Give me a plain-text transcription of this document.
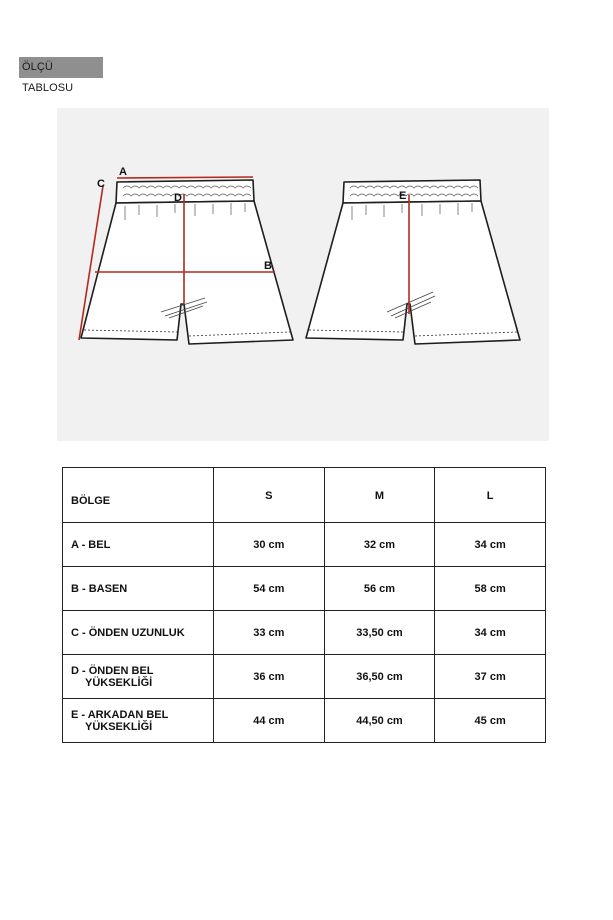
ÖLÇÜ TABLOSU
A
C
D
B
E
BÖLGE	S	M	L
A - BEL	30 cm	32 cm	34 cm
B - BASEN	54 cm	56 cm	58 cm
C - ÖNDEN UZUNLUK	33 cm	33,50 cm	34 cm
D - ÖNDEN BEL
YÜKSEKLİĞİ	36 cm	36,50 cm	37 cm
E - ARKADAN BEL
YÜKSEKLİĞİ	44 cm	44,50 cm	45 cm
